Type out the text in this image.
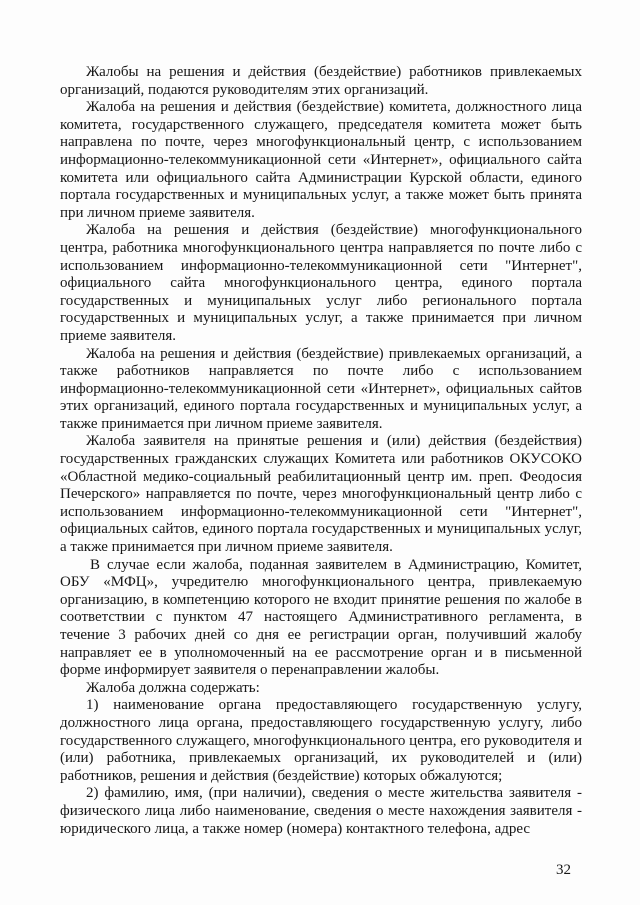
Жалобы на решения и действия (бездействие) работников привлекаемых организаций, подаются руководителям этих организаций.

Жалоба на решения и действия (бездействие) комитета, должностного лица комитета, государственного служащего, председателя комитета может быть направлена по почте, через многофункциональный центр, с использованием информационно-телекоммуникационной сети «Интернет», официального сайта комитета или официального сайта Администрации Курской области, единого портала государственных и муниципальных услуг, а также может быть принята при личном приеме заявителя.

Жалоба на решения и действия (бездействие) многофункционального центра, работника многофункционального центра направляется по почте либо с использованием информационно-телекоммуникационной сети "Интернет", официального сайта многофункционального центра, единого портала государственных и муниципальных услуг либо регионального портала государственных и муниципальных услуг, а также принимается при личном приеме заявителя.

Жалоба на решения и действия (бездействие) привлекаемых организаций, а также работников направляется по почте либо с использованием информационно-телекоммуникационной сети «Интернет», официальных сайтов этих организаций, единого портала государственных и муниципальных услуг, а также принимается при личном приеме заявителя.

Жалоба заявителя на принятые решения и (или) действия (бездействия) государственных гражданских служащих Комитета или работников ОКУСОКО «Областной медико-социальный реабилитационный центр им. преп. Феодосия Печерского» направляется по почте, через многофункциональный центр либо с использованием информационно-телекоммуникационной сети "Интернет", официальных сайтов, единого портала государственных и муниципальных услуг, а также принимается при личном приеме заявителя.

В случае если жалоба, поданная заявителем в Администрацию, Комитет, ОБУ «МФЦ», учредителю многофункционального центра, привлекаемую организацию, в компетенцию которого не входит принятие решения по жалобе в соответствии с пунктом 47 настоящего Административного регламента, в течение 3 рабочих дней со дня ее регистрации орган, получивший жалобу направляет ее в уполномоченный на ее рассмотрение орган и в письменной форме информирует заявителя о перенаправлении жалобы.

Жалоба должна содержать:

1) наименование органа предоставляющего государственную услугу, должностного лица органа, предоставляющего государственную услугу, либо государственного служащего, многофункционального центра, его руководителя и (или) работника, привлекаемых организаций, их руководителей и (или) работников, решения и действия (бездействие) которых обжалуются;

2) фамилию, имя, (при наличии), сведения о месте жительства заявителя - физического лица либо наименование, сведения о месте нахождения заявителя - юридического лица, а также номер (номера) контактного телефона, адрес

32
